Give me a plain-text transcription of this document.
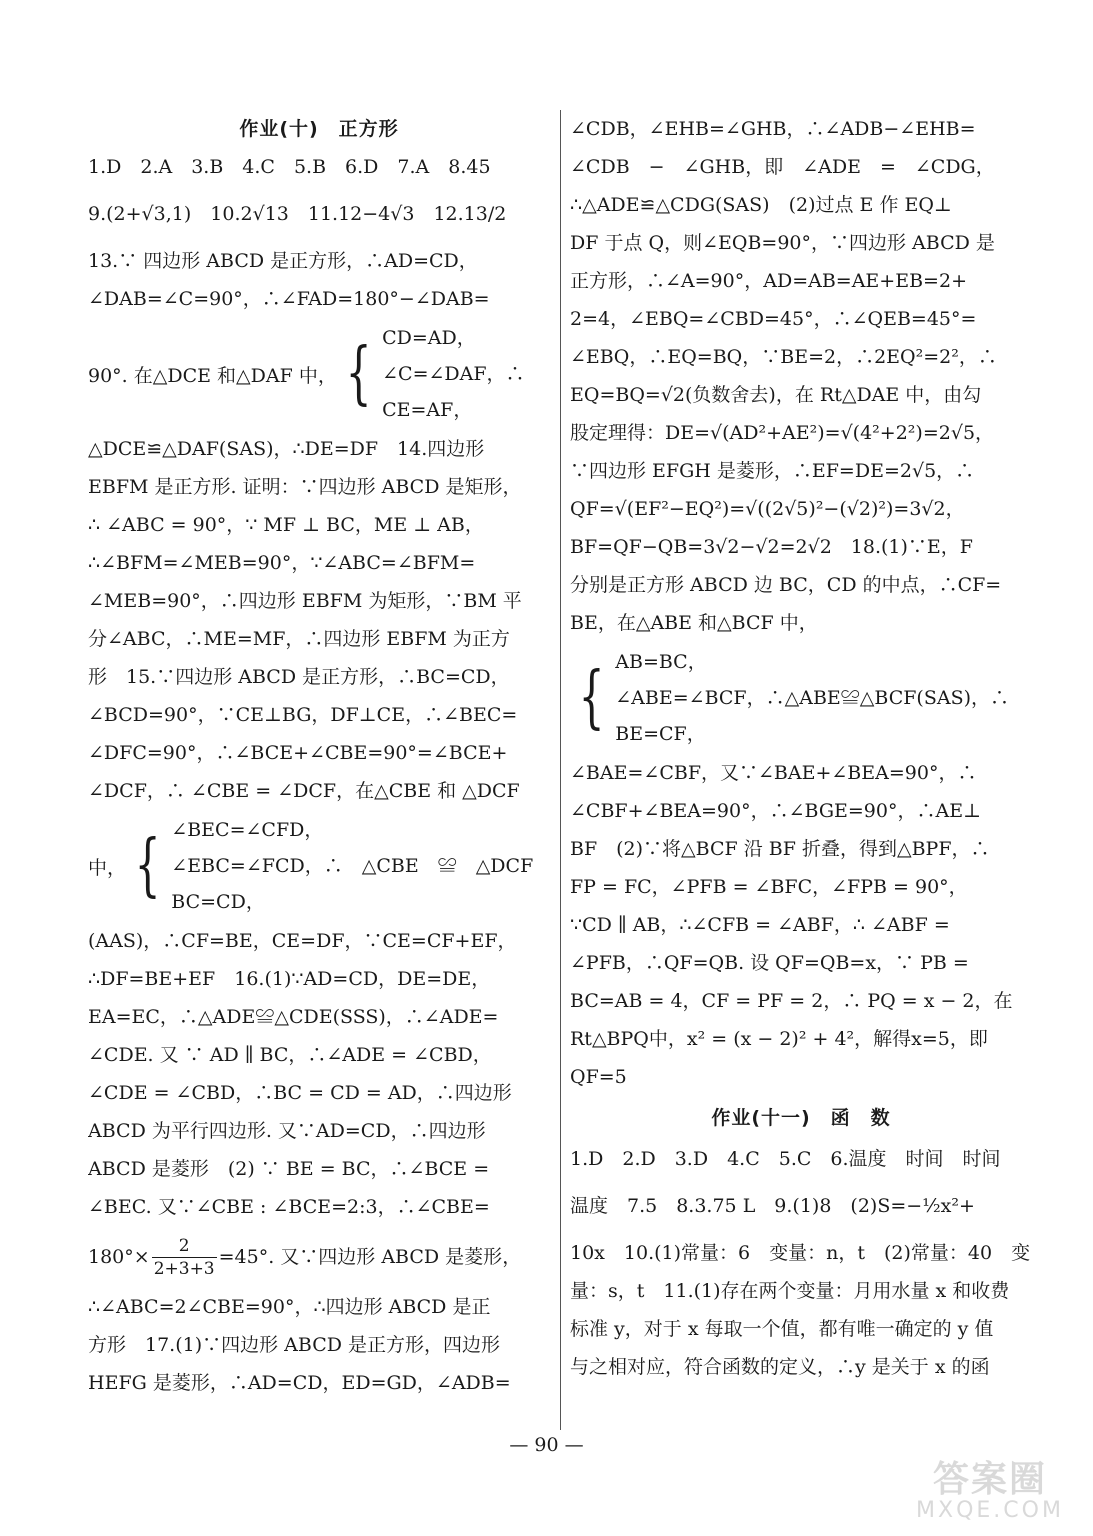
作业(十)　正方形
1.D　2.A　3.B　4.C　5.B　6.D　7.A　8.45
9.(2+√3,1)　10.2√13　11.12−4√3　12.13/2
13.∵ 四边形 ABCD 是正方形，∴AD=CD，
∠DAB=∠C=90°，∴∠FAD=180°−∠DAB=
90°. 在△DCE 和△DAF 中， { CD=AD，
∠C=∠DAF，∴
CE=AF，
△DCE≌△DAF(SAS)，∴DE=DF　14.四边形
EBFM 是正方形. 证明：∵四边形 ABCD 是矩形，
∴ ∠ABC = 90°，∵ MF ⊥ BC，ME ⊥ AB，
∴∠BFM=∠MEB=90°，∵∠ABC=∠BFM=
∠MEB=90°，∴四边形 EBFM 为矩形，∵BM 平
分∠ABC，∴ME=MF，∴四边形 EBFM 为正方
形　15.∵四边形 ABCD 是正方形，∴BC=CD，
∠BCD=90°，∵CE⊥BG，DF⊥CE，∴∠BEC=
∠DFC=90°，∴∠BCE+∠CBE=90°=∠BCE+
∠DCF，∴ ∠CBE = ∠DCF，在△CBE 和 △DCF
中， { ∠BEC=∠CFD，
∠EBC=∠FCD，∴　△CBE　≌　△DCF
BC=CD，
(AAS)，∴CF=BE，CE=DF，∵CE=CF+EF，
∴DF=BE+EF　16.(1)∵AD=CD，DE=DE，
EA=EC，∴△ADE≌△CDE(SSS)，∴∠ADE=
∠CDE. 又 ∵ AD ∥ BC，∴∠ADE = ∠CBD，
∠CDE = ∠CBD，∴BC = CD = AD，∴四边形
ABCD 为平行四边形. 又∵AD=CD，∴四边形
ABCD 是菱形　(2) ∵ BE = BC，∴∠BCE =
∠BEC. 又∵∠CBE : ∠BCE=2:3，∴∠CBE=
$180^\circ\times \frac{2}{2+3+3} =45^\circ$. 又∵四边形 ABCD 是菱形，
∴∠ABC=2∠CBE=90°，∴四边形 ABCD 是正
方形　17.(1)∵四边形 ABCD 是正方形，四边形
HEFG 是菱形，∴AD=CD，ED=GD，∠ADB=
∠CDB，∠EHB=∠GHB，∴∠ADB−∠EHB=
∠CDB　−　∠GHB，即　∠ADE　=　∠CDG，
∴△ADE≌△CDG(SAS)　(2)过点 E 作 EQ⊥
DF 于点 Q，则∠EQB=90°，∵四边形 ABCD 是
正方形，∴∠A=90°，AD=AB=AE+EB=2+
2=4，∠EBQ=∠CBD=45°，∴∠QEB=45°=
∠EBQ，∴EQ=BQ，∵BE=2，∴2EQ²=2²，∴
EQ=BQ=√2(负数舍去)，在 Rt△DAE 中，由勾
股定理得：DE=√(AD²+AE²)=√(4²+2²)=2√5，
∵四边形 EFGH 是菱形，∴EF=DE=2√5，∴
QF=√(EF²−EQ²)=√((2√5)²−(√2)²)=3√2，
BF=QF−QB=3√2−√2=2√2　18.(1)∵E，F
分别是正方形 ABCD 边 BC，CD 的中点，∴CF=
BE，在△ABE 和△BCF 中，
{ AB=BC，
∠ABE=∠BCF，∴△ABE≌△BCF(SAS)，∴
BE=CF，
∠BAE=∠CBF，又∵∠BAE+∠BEA=90°，∴
∠CBF+∠BEA=90°，∴∠BGE=90°，∴AE⊥
BF　(2)∵将△BCF 沿 BF 折叠，得到△BPF，∴
FP = FC，∠PFB = ∠BFC，∠FPB = 90°，
∵CD ∥ AB，∴∠CFB = ∠ABF，∴ ∠ABF =
∠PFB，∴QF=QB. 设 QF=QB=x，∵ PB =
BC=AB = 4，CF = PF = 2，∴ PQ = x − 2，在
Rt△BPQ中，x² = (x − 2)² + 4²，解得x=5，即
QF=5
作业(十一)　函　数
1.D　2.D　3.D　4.C　5.C　6.温度　时间　时间
温度　7.5　8.3.75 L　9.(1)8　(2)S=−½x²+
10x　10.(1)常量：6　变量：n，t　(2)常量：40　变
量：s，t　11.(1)存在两个变量：月用水量 x 和收费
标准 y，对于 x 每取一个值，都有唯一确定的 y 值
与之相对应，符合函数的定义，∴y 是关于 x 的函
— 90 —
答案圈
MXQE.COM
